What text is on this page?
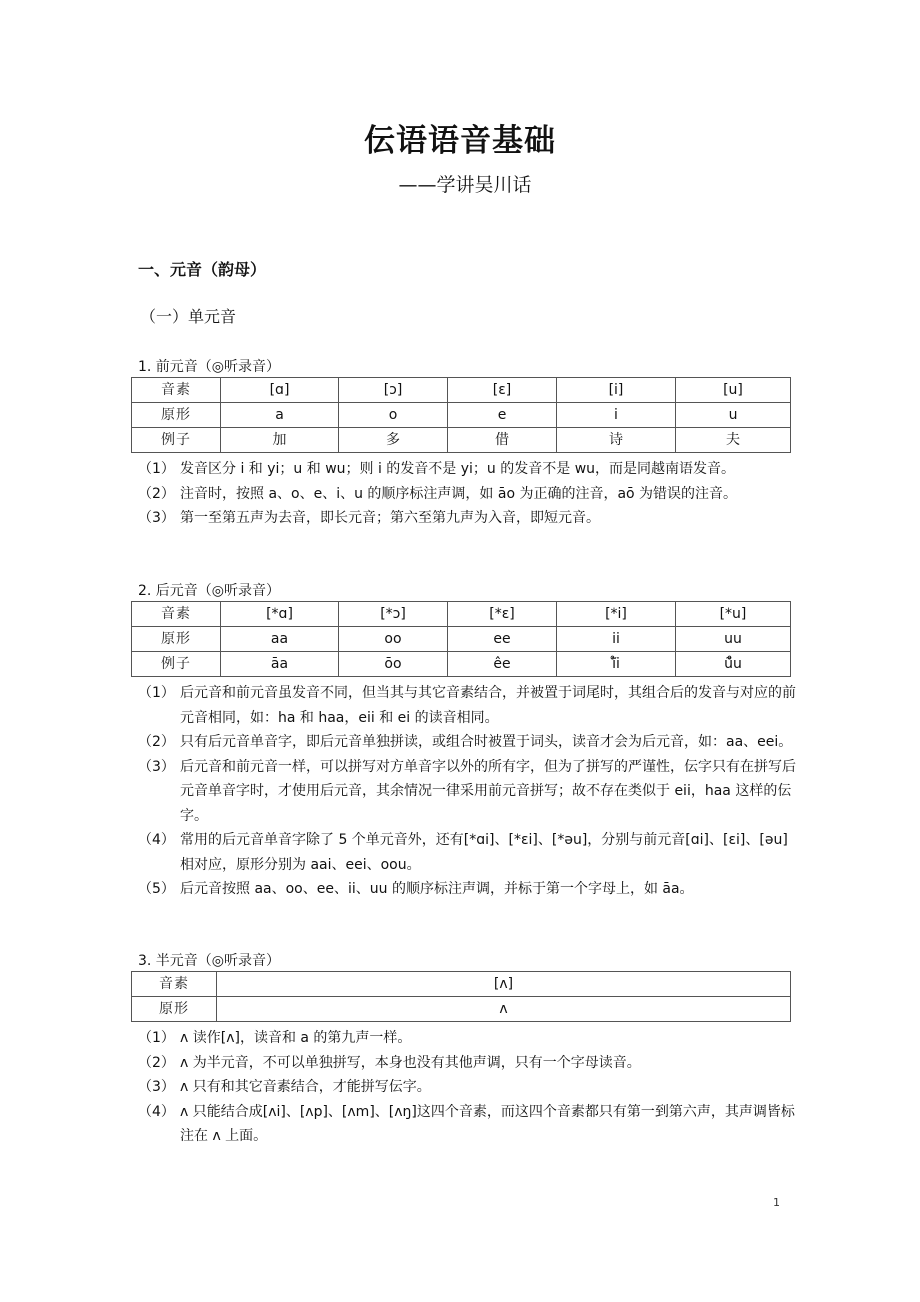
伝语语音基础
——学讲吴川话
一、元音（韵母）
（一）单元音
1. 前元音（◎听录音）
音素	[ɑ]	[ɔ]	[ɛ]	[i]	[u]
原形	a	o	e	i	u
例子	加	多	借	诗	夫
（1） 发音区分 i 和 yi；u 和 wu；则 i 的发音不是 yi；u 的发音不是 wu，而是同越南语发音。
（2） 注音时，按照 a、o、e、i、u 的顺序标注声调，如 āo 为正确的注音，aō 为错误的注音。
（3） 第一至第五声为去音，即长元音；第六至第九声为入音，即短元音。
2. 后元音（◎听录音）
音素	[*ɑ]	[*ɔ]	[*ɛ]	[*i]	[*u]
原形	aa	oo	ee	ii	uu
例子	āa	ōo	êe	ĩ̊i	ũ̊u
（1） 后元音和前元音虽发音不同，但当其与其它音素结合，并被置于词尾时，其组合后的发音与对应的前元音相同，如：ha 和 haa，eii 和 ei 的读音相同。
（2） 只有后元音单音字，即后元音单独拼读，或组合时被置于词头，读音才会为后元音，如：aa、eei。
（3） 后元音和前元音一样，可以拼写对方单音字以外的所有字，但为了拼写的严谨性，伝字只有在拼写后元音单音字时，才使用后元音，其余情况一律采用前元音拼写；故不存在类似于 eii，haa 这样的伝字。
（4） 常用的后元音单音字除了 5 个单元音外，还有[*ɑi]、[*ɛi]、[*əu]，分别与前元音[ɑi]、[ɛi]、[əu]相对应，原形分别为 aai、eei、oou。
（5） 后元音按照 aa、oo、ee、ii、uu 的顺序标注声调，并标于第一个字母上，如 āa。
3. 半元音（◎听录音）
音素	[ʌ]
原形	ʌ
（1） ʌ 读作[ʌ]，读音和 a 的第九声一样。
（2） ʌ 为半元音，不可以单独拼写，本身也没有其他声调，只有一个字母读音。
（3） ʌ 只有和其它音素结合，才能拼写伝字。
（4） ʌ 只能结合成[ʌi]、[ʌp]、[ʌm]、[ʌŋ]这四个音素，而这四个音素都只有第一到第六声，其声调皆标注在 ʌ 上面。
1
